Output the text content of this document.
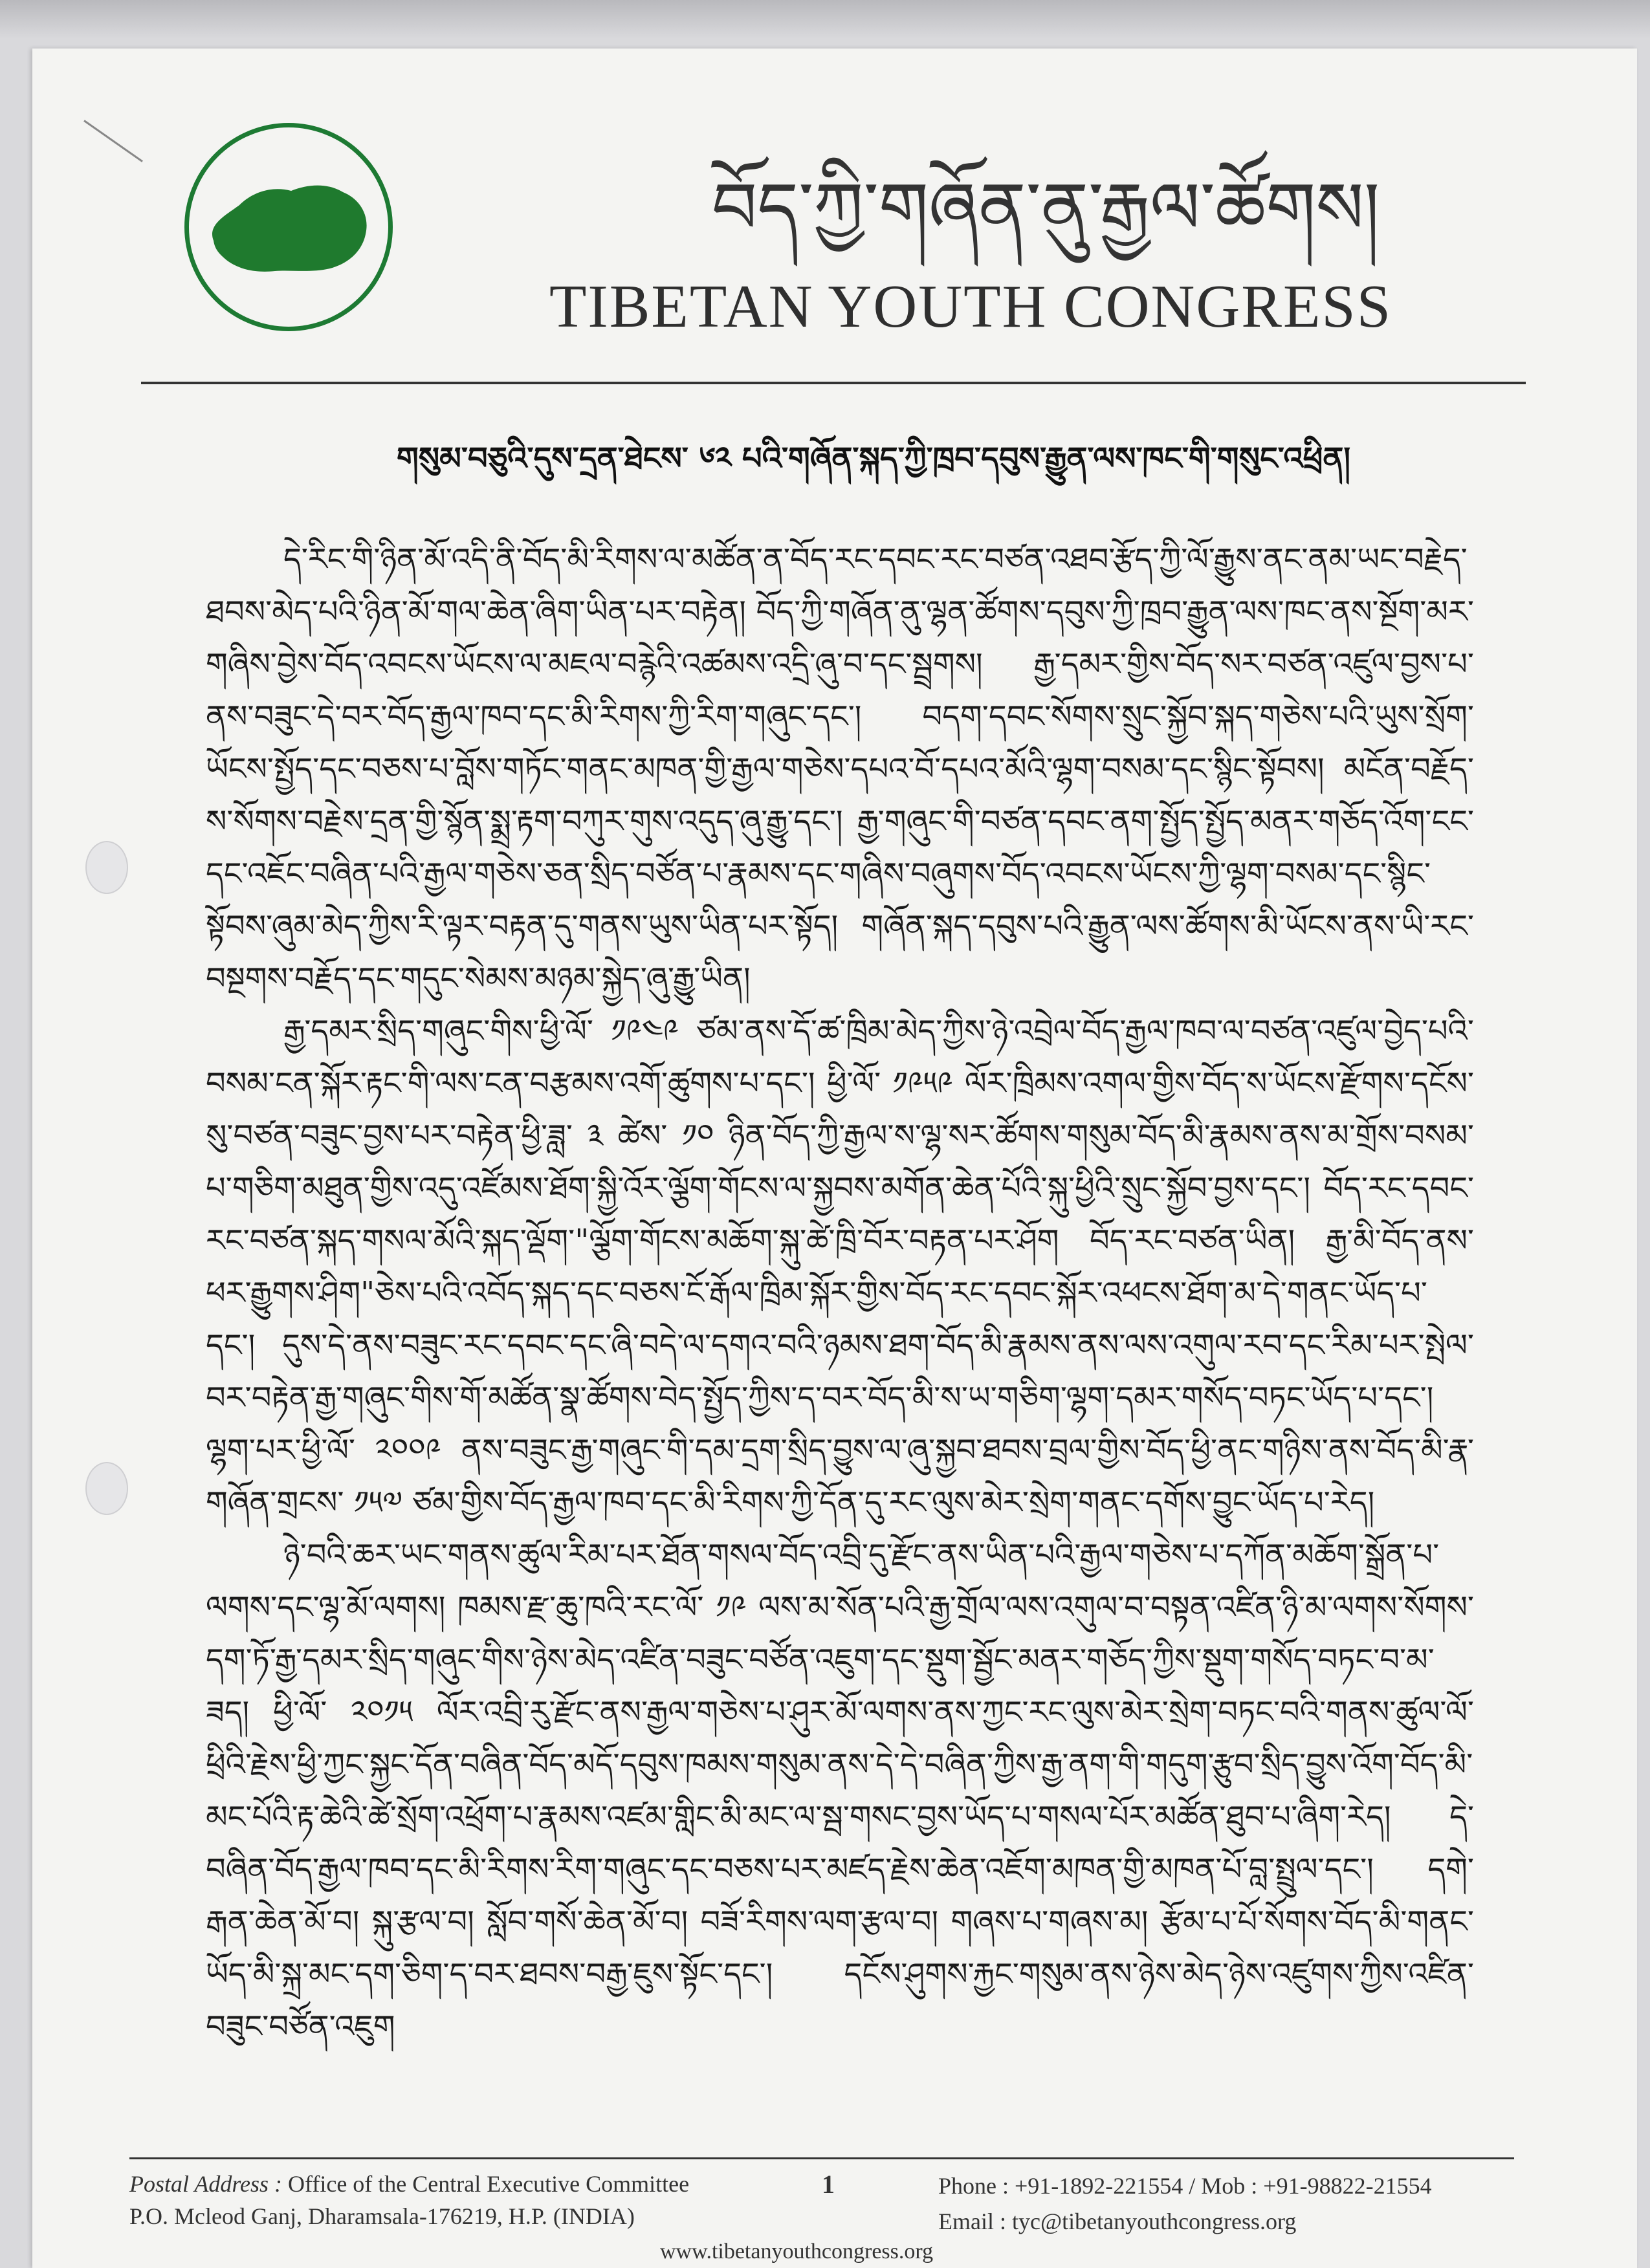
བོད་ཀྱི་གཞོན་ནུ་རྒྱལ་ཚོགས།
TIBETAN YOUTH CONGRESS
གསུམ་བཅུའི་དུས་དྲན་ཐེངས་ ༦༢ པའི་གཞོན་སྐད་ཀྱི་ཁྲབ་དབུས་རྒྱུན་ལས་ཁང་གི་གསུང་འཕྲིན།

དེ་རིང་གི་ཉིན་མོ་འདི་ནི་བོད་མི་རིགས་ལ་མཚོན་ན་བོད་རང་དབང་རང་བཙན་འཐབ་རྩོད་ཀྱི་ལོ་རྒྱུས་ནང་ནམ་ཡང་བརྗེད་ཐབས་མེད་པའི་ཉིན་མོ་གལ་ཆེན་ཞིག་ཡིན་པར་བརྟེན། བོད་ཀྱི་གཞོན་ནུ་ལྷན་ཚོགས་དབུས་ཀྱི་ཁྲབ་རྒྱུན་ལས་ཁང་ནས་སྔོག་མར་གཞིས་བྱེས་བོད་འབངས་ཡོངས་ལ་མཇལ་བརྙེའི་འཚམས་འདྲི་ཞུ་བ་དང་སྦྲགས། རྒྱ་དམར་གྱིས་བོད་སར་བཙན་འཛུལ་བྱས་པ་ནས་བཟུང་དེ་བར་བོད་རྒྱལ་ཁབ་དང་མི་རིགས་ཀྱི་རིག་གཞུང་དང་། བདག་དབང་སོགས་སྲུང་སྐྱོབ་སྐད་གཅེས་པའི་ཡུས་སྲོག་ཡོངས་སྤྱོད་དང་བཅས་པ་བློས་གཏོང་གནང་མཁན་གྱི་རྒྱལ་གཅེས་དཔའ་བོ་དཔའ་མོའི་ལྷག་བསམ་དང་སྙིང་སྟོབས། མངོན་བརྗོད་ས་སོགས་བརྗེས་དྲན་གྱི་སྙོན་སྨྲ་རྟག་བཀུར་གུས་འདུད་ཞུ་རྒྱུ་དང་། རྒྱ་གཞུང་གི་བཙན་དབང་ནག་སྤྱོད་སྤྱོད་མནར་གཅོད་འོག་ངང་དང་འཇོང་བཞིན་པའི་རྒྱལ་གཅེས་ཅན་སྲིད་བཙོན་པ་རྣམས་དང་གཞིས་བཞུགས་བོད་འབངས་ཡོངས་ཀྱི་ལྷག་བསམ་དང་སྙིང་སྟོབས་ཞུམ་མེད་ཀྱིས་རི་ལྟར་བརྟན་དུ་གནས་ཡུས་ཡིན་པར་སྟོད། གཞོན་སྐད་དབུས་པའི་རྒྱུན་ལས་ཚོགས་མི་ཡོངས་ནས་ཡི་རང་བསྔགས་བརྗོད་དང་གདུང་སེམས་མཉམ་སྐྱེད་ཞུ་རྒྱུ་ཡིན།

རྒྱ་དམར་སྲིད་གཞུང་གིས་ཕྱི་ལོ་ ༡༩༤༩ ཙམ་ནས་དོ་ཚ་ཁྲིམ་མེད་ཀྱིས་ཉེ་འབྲེལ་བོད་རྒྱལ་ཁབ་ལ་བཙན་འཛུལ་བྱེད་པའི་བསམ་ངན་སྐོར་རྟང་གི་ལས་ངན་བརྩམས་འགོ་ཚུགས་པ་དང་། ཕྱི་ལོ་ ༡༩༥༩ ལོར་ཁྲིམས་འགལ་གྱིས་བོད་ས་ཡོངས་རྫོགས་དངོས་སུ་བཙན་བཟུང་བྱས་པར་བརྟེན་ཕྱི་ཟླ་ ༣ ཚེས་ ༡༠ ཉིན་བོད་ཀྱི་རྒྱལ་ས་ལྷ་སར་ཚོགས་གསུམ་བོད་མི་རྣམས་ནས་མ་གྲོས་བསམ་པ་གཅིག་མཐུན་གྱིས་འདུ་འཛོམས་ཐོག་སྐྱི་འོར་ལྕོག་གོངས་ལ་སྐྱབས་མགོན་ཆེན་པོའི་སྐུ་ཕྱིའི་སྲུང་སྐྱོབ་བྱས་དང་། བོད་རང་དབང་རང་བཙན་སྐད་གསལ་མོའི་སྐད་ལྡོག་"ལྕོག་གོངས་མཆོག་སྐུ་ཚེ་ཁྲི་བོར་བརྟན་པར་ཤོག བོད་རང་བཙན་ཡིན། རྒྱ་མི་བོད་ནས་ཕར་རྒྱུགས་ཤིག"ཅེས་པའི་འབོད་སྐད་དང་བཅས་ངོ་རྒོལ་ཁྲིམ་སྐོར་གྱིས་བོད་རང་དབང་སྐོར་འཕངས་ཐོག་མ་དེ་གནང་ཡོད་པ་དང་། དུས་དེ་ནས་བཟུང་རང་དབང་དང་ཞི་བདེ་ལ་དགའ་བའི་ཉམས་ཐག་བོད་མི་རྣམས་ནས་ལས་འགུལ་རབ་དང་རིམ་པར་སྤེལ་བར་བརྟེན་རྒྱ་གཞུང་གིས་གོ་མཚོན་སྣ་ཚོགས་བེད་སྤྱོད་ཀྱིས་ད་བར་བོད་མི་ས་ཡ་གཅིག་ལྷག་དམར་གསོད་བཏང་ཡོད་པ་དང་། ལྷག་པར་ཕྱི་ལོ་ ༢༠༠༩ ནས་བཟུང་རྒྱ་གཞུང་གི་དམ་དྲག་སྲིད་བྱུས་ལ་ཞུ་སྐྱབ་ཐབས་བྲལ་གྱིས་བོད་ཕྱི་ནང་གཉིས་ནས་བོད་མི་རྣ་གཞོན་གྲངས་ ༡༥༧ ཙམ་གྱིས་བོད་རྒྱལ་ཁབ་དང་མི་རིགས་ཀྱི་དོན་དུ་རང་ལུས་མེར་སྲེག་གནང་དགོས་བྱུང་ཡོད་པ་རེད།

ཉེ་བའི་ཆར་ཡང་གནས་ཚུལ་རིམ་པར་ཐོན་གསལ་བོད་འབྲི་དུ་རྫོང་ནས་ཡིན་པའི་རྒྱལ་གཅེས་པ་དཀོན་མཆོག་སྒྲོན་པ་ལགས་དང་ལྷ་མོ་ལགས། ཁམས་རྫ་ཆུ་ཁའི་རང་ལོ་ ༡༩ ལས་མ་སོན་པའི་རྒྱ་གྲོལ་ལས་འགུལ་བ་བསྟན་འཛིན་ཉི་མ་ལགས་སོགས་དག་ཏོ་རྒྱ་དམར་སྲིད་གཞུང་གིས་ཉེས་མེད་འཛིན་བཟུང་བཙོན་འཇུག་དང་སྡུག་སྦྱོང་མནར་གཅོད་ཀྱིས་སྡུག་གསོད་བཏང་བ་མ་ཟད། ཕྱི་ལོ་ ༢༠༡༥ ལོར་འབྲི་རུ་རྫོང་ནས་རྒྱལ་གཅེས་པ་ཤུར་མོ་ལགས་ནས་ཀྱང་རང་ལུས་མེར་སྲེག་བཏང་བའི་གནས་ཚུལ་ལོ་ཕྲིའི་རྗེས་ཕྱི་ཀྱང་སྐྱང་དོན་བཞིན་བོད་མདོ་དབུས་ཁམས་གསུམ་ནས་དེ་དེ་བཞིན་ཀྱིས་རྒྱ་ནག་གི་གདུག་རྩུབ་སྲིད་བྱུས་འོག་བོད་མི་མང་པོའི་རྟ་ཆེའི་ཚེ་སྲོག་འཕྲོག་པ་རྣམས་འཛམ་གླིང་མི་མང་ལ་སྦ་གསང་བྱས་ཡོད་པ་གསལ་པོར་མཚོན་ཐུབ་པ་ཞིག་རེད། དེ་བཞིན་བོད་རྒྱལ་ཁབ་དང་མི་རིགས་རིག་གཞུང་དང་བཅས་པར་མཛད་རྗེས་ཆེན་འཇོག་མཁན་གྱི་མཁན་པོ་བླ་སྤྲུལ་དང་། དགེ་རྒན་ཆེན་མོ་བ། སྐུ་རྩལ་བ། སློབ་གསོ་ཆེན་མོ་བ། བཟོ་རིགས་ལག་རྩལ་བ། གཞས་པ་གཞས་མ། རྩོམ་པ་པོ་སོགས་བོད་མི་གནང་ཡོད་མི་སྐྲ་མང་དག་ཅིག་ད་བར་ཐབས་བརྒྱ་ཇུས་སྟོང་དང་། དངོས་ཤུགས་རྐྱང་གསུམ་ནས་ཉེས་མེད་ཉེས་འཛུགས་ཀྱིས་འཛིན་བཟུང་བཙོན་འཇུག

Postal Address : Office of the Central Executive Committee
P.O. Mcleod Ganj, Dharamsala-176219, H.P. (INDIA)
1	Phone : +91-1892-221554 / Mob : +91-98822-21554
Email : tyc@tibetanyouthcongress.org
www.tibetanyouthcongress.org
